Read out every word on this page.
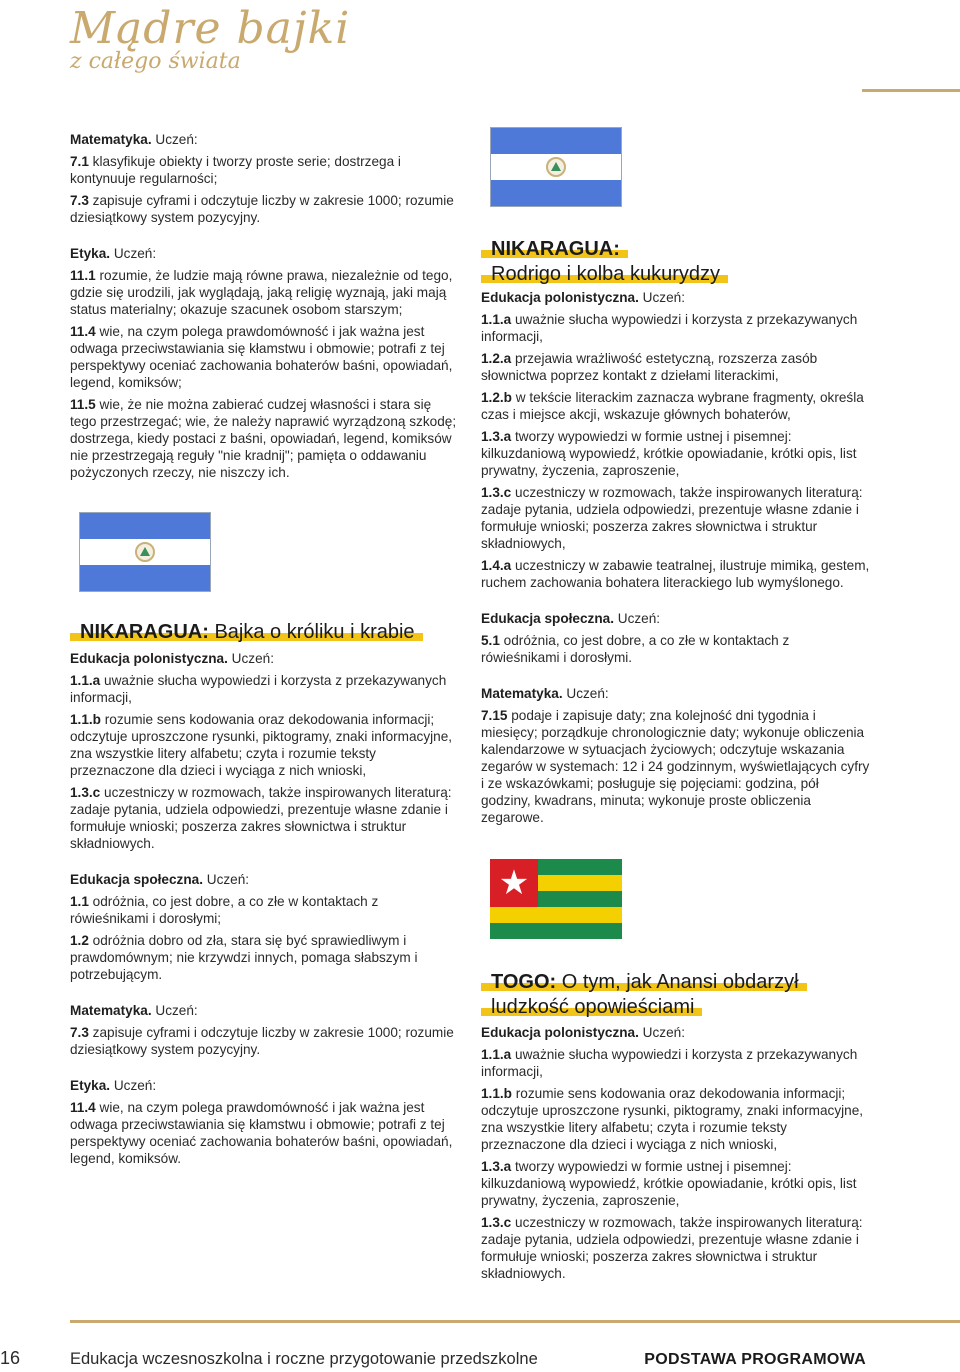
Mądre bajki
z całego świata

Matematyka. Uczeń:

7.1 klasyfikuje obiekty i tworzy proste serie; dostrzega i kontynuuje regularności;

7.3 zapisuje cyframi i odczytuje liczby w zakresie 1000; rozumie dziesiątkowy system pozycyjny.

Etyka. Uczeń:

11.1 rozumie, że ludzie mają równe prawa, niezależnie od tego, gdzie się urodzili, jak wyglądają, jaką religię wyznają, jaki mają status materialny; okazuje szacunek osobom starszym;

11.4 wie, na czym polega prawdomówność i jak ważna jest odwaga przeciwstawiania się kłamstwu i obmowie; potrafi z tej perspektywy oceniać zachowania bohaterów baśni, opowiadań, legend, komiksów;

11.5 wie, że nie można zabierać cudzej własności i stara się tego przestrzegać; wie, że należy naprawić wyrządzoną szkodę; dostrzega, kiedy postaci z baśni, opowiadań, legend, komiksów nie przestrzegają reguły "nie kradnij"; pamięta o oddawaniu pożyczonych rzeczy, nie niszczy ich.

NIKARAGUA: Bajka o króliku i krabie

Edukacja polonistyczna. Uczeń:

1.1.a uważnie słucha wypowiedzi i korzysta z przekazywanych informacji,

1.1.b rozumie sens kodowania oraz dekodowania informacji; odczytuje uproszczone rysunki, piktogramy, znaki informacyjne, zna wszystkie litery alfabetu; czyta i rozumie teksty przeznaczone dla dzieci i wyciąga z nich wnioski,

1.3.c uczestniczy w rozmowach, także inspirowanych literaturą: zadaje pytania, udziela odpowiedzi, prezentuje własne zdanie i formułuje wnioski; poszerza zakres słownictwa i struktur składniowych.

Edukacja społeczna. Uczeń:

1.1 odróżnia, co jest dobre, a co złe w kontaktach z rówieśnikami i dorosłymi;

1.2 odróżnia dobro od zła, stara się być sprawiedliwym i prawdomównym; nie krzywdzi innych, pomaga słabszym i potrzebującym.

Matematyka. Uczeń:

7.3 zapisuje cyframi i odczytuje liczby w zakresie 1000; rozumie dziesiątkowy system pozycyjny.

Etyka. Uczeń:

11.4 wie, na czym polega prawdomówność i jak ważna jest odwaga przeciwstawiania się kłamstwu i obmowie; potrafi z tej perspektywy oceniać zachowania bohaterów baśni, opowiadań, legend, komiksów.

NIKARAGUA:
Rodrigo i kolba kukurydzy

Edukacja polonistyczna. Uczeń:

1.1.a uważnie słucha wypowiedzi i korzysta z przekazywanych informacji,

1.2.a przejawia wrażliwość estetyczną, rozszerza zasób słownictwa poprzez kontakt z dziełami literackimi,

1.2.b w tekście literackim zaznacza wybrane fragmenty, określa czas i miejsce akcji, wskazuje głównych bohaterów,

1.3.a tworzy wypowiedzi w formie ustnej i pisemnej: kilkuzdaniową wypowiedź, krótkie opowiadanie, krótki opis, list prywatny, życzenia, zaproszenie,

1.3.c uczestniczy w rozmowach, także inspirowanych literaturą: zadaje pytania, udziela odpowiedzi, prezentuje własne zdanie i formułuje wnioski; poszerza zakres słownictwa i struktur składniowych,

1.4.a uczestniczy w zabawie teatralnej, ilustruje mimiką, gestem, ruchem zachowania bohatera literackiego lub wymyślonego.

Edukacja społeczna. Uczeń:

5.1 odróżnia, co jest dobre, a co złe w kontaktach z rówieśnikami i dorosłymi.

Matematyka. Uczeń:

7.15 podaje i zapisuje daty; zna kolejność dni tygodnia i miesięcy; porządkuje chronologicznie daty; wykonuje obliczenia kalendarzowe w sytuacjach życiowych; odczytuje wskazania zegarów w systemach: 12 i 24 godzinnym, wyświetlających cyfry i ze wskazówkami; posługuje się pojęciami: godzina, pół godziny, kwadrans, minuta; wykonuje proste obliczenia zegarowe.

★
TOGO: O tym, jak Anansi obdarzył
ludzkość opowieściami

Edukacja polonistyczna. Uczeń:

1.1.a uważnie słucha wypowiedzi i korzysta z przekazywanych informacji,

1.1.b rozumie sens kodowania oraz dekodowania informacji; odczytuje uproszczone rysunki, piktogramy, znaki informacyjne, zna wszystkie litery alfabetu; czyta i rozumie teksty przeznaczone dla dzieci i wyciąga z nich wnioski,

1.3.a tworzy wypowiedzi w formie ustnej i pisemnej: kilkuzdaniową wypowiedź, krótkie opowiadanie, krótki opis, list prywatny, życzenia, zaproszenie,

1.3.c uczestniczy w rozmowach, także inspirowanych literaturą: zadaje pytania, udziela odpowiedzi, prezentuje własne zdanie i formułuje wnioski; poszerza zakres słownictwa i struktur składniowych.

16	Edukacja wczesnoszkolna i roczne przygotowanie przedszkolne	PODSTAWA PROGRAMOWA
